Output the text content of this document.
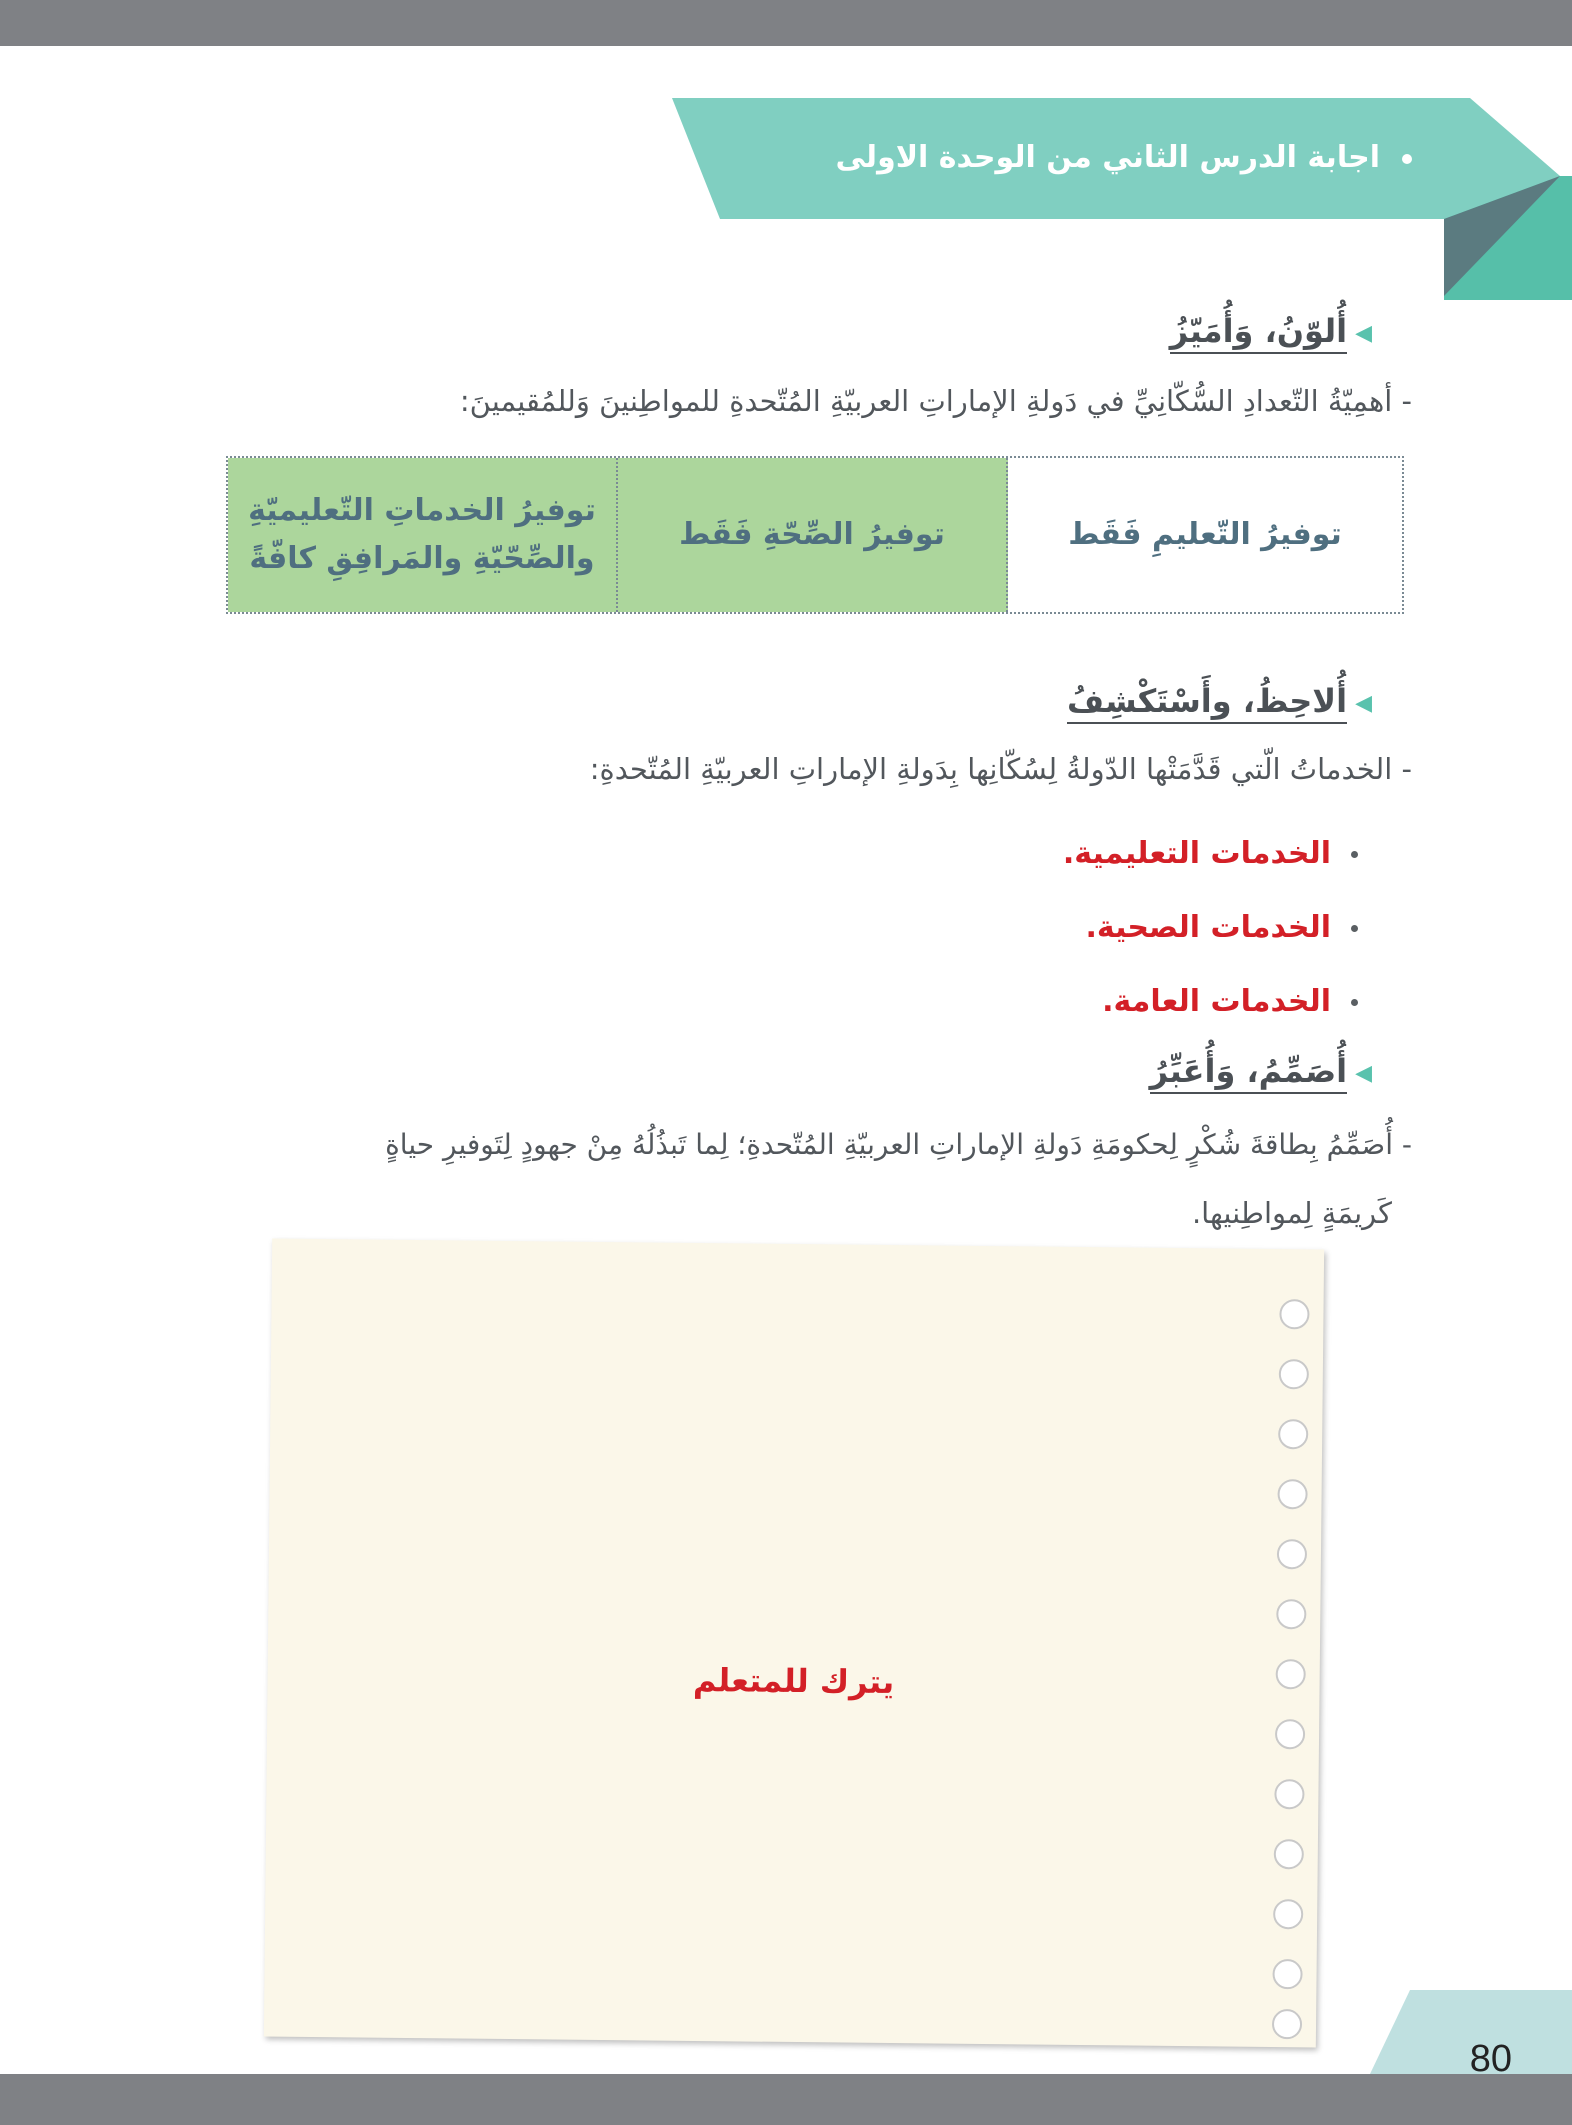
اجابة الدرس الثاني من الوحدة الاولى
◀أُلوّنُ، وَأُمَيّزُ
- أهمِيّةُ التّعدادِ السُّكّانِيِّ في دَولةِ الإماراتِ العربيّةِ المُتّحدةِ للمواطِنينَ وَللمُقيمينَ:
توفيرُ التّعليمِ فَقَط
توفيرُ الصِّحّةِ فَقَط
توفيرُ الخدماتِ التّعليميّةِ
والصِّحّيّةِ والمَرافِقِ كافّةً
◀أُلاحِظُ، وأَسْتَكْشِفُ
- الخدماتُ الّتي قَدَّمَتْها الدّولةُ لِسُكّانِها بِدَولةِ الإماراتِ العربيّةِ المُتّحدةِ:
الخدمات التعليمية.
الخدمات الصحية.
الخدمات العامة.
◀أُصَمِّمُ، وَأُعَبِّرُ
- أُصَمِّمُ بِطاقةَ شُكْرٍ لِحكومَةِ دَولةِ الإماراتِ العربيّةِ المُتّحدةِ؛ لِما تَبذُلُهُ مِنْ جهودٍ لِتَوفيرِ حياةٍ
كَريمَةٍ لِمواطِنيها.
يترك للمتعلم
80
